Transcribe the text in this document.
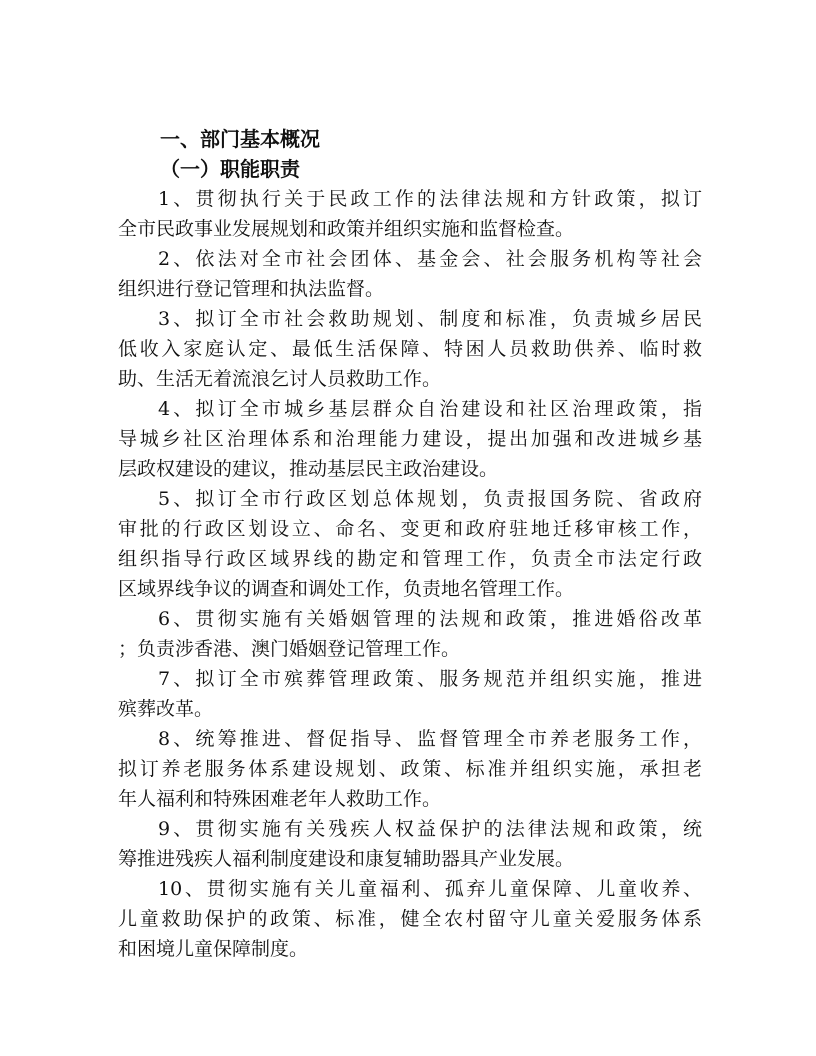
一、部门基本概况
（一）职能职责

1、贯彻执行关于民政工作的法律法规和方针政策，拟订
全市民政事业发展规划和政策并组织实施和监督检查。

2、依法对全市社会团体、基金会、社会服务机构等社会
组织进行登记管理和执法监督。

3、拟订全市社会救助规划、制度和标准，负责城乡居民
低收入家庭认定、最低生活保障、特困人员救助供养、临时救
助、生活无着流浪乞讨人员救助工作。

4、拟订全市城乡基层群众自治建设和社区治理政策，指
导城乡社区治理体系和治理能力建设，提出加强和改进城乡基
层政权建设的建议，推动基层民主政治建设。

5、拟订全市行政区划总体规划，负责报国务院、省政府
审批的行政区划设立、命名、变更和政府驻地迁移审核工作，
组织指导行政区域界线的勘定和管理工作，负责全市法定行政
区域界线争议的调查和调处工作，负责地名管理工作。

6、贯彻实施有关婚姻管理的法规和政策，推进婚俗改革
；负责涉香港、澳门婚姻登记管理工作。

7、拟订全市殡葬管理政策、服务规范并组织实施，推进
殡葬改革。

8、统筹推进、督促指导、监督管理全市养老服务工作，
拟订养老服务体系建设规划、政策、标准并组织实施，承担老
年人福利和特殊困难老年人救助工作。

9、贯彻实施有关残疾人权益保护的法律法规和政策，统
筹推进残疾人福利制度建设和康复辅助器具产业发展。

10、贯彻实施有关儿童福利、孤弃儿童保障、儿童收养、
儿童救助保护的政策、标准，健全农村留守儿童关爱服务体系
和困境儿童保障制度。
